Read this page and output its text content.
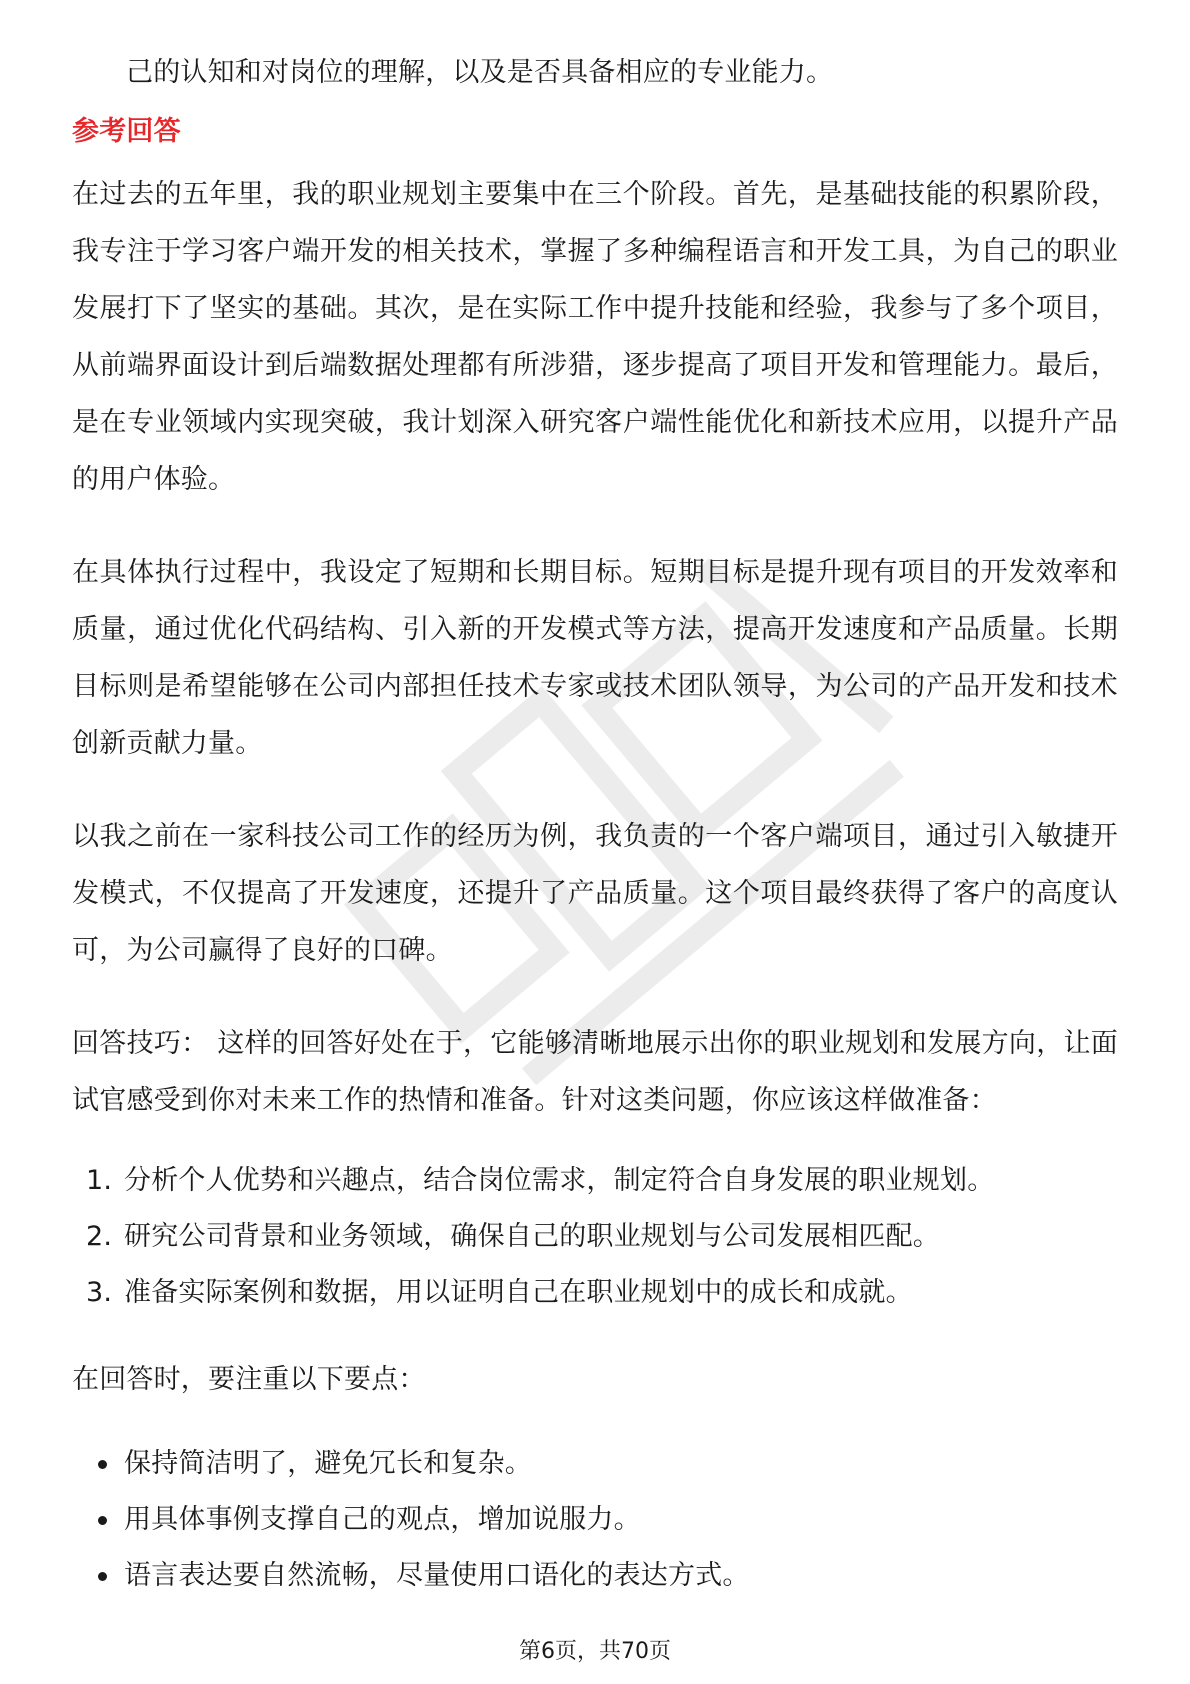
己的认知和对岗位的理解，以及是否具备相应的专业能力。

参考回答

在过去的五年里，我的职业规划主要集中在三个阶段。首先，是基础技能的积累阶段，我专注于学习客户端开发的相关技术，掌握了多种编程语言和开发工具，为自己的职业发展打下了坚实的基础。其次，是在实际工作中提升技能和经验，我参与了多个项目，从前端界面设计到后端数据处理都有所涉猎，逐步提高了项目开发和管理能力。最后，是在专业领域内实现突破，我计划深入研究客户端性能优化和新技术应用，以提升产品的用户体验。

在具体执行过程中，我设定了短期和长期目标。短期目标是提升现有项目的开发效率和质量，通过优化代码结构、引入新的开发模式等方法，提高开发速度和产品质量。长期目标则是希望能够在公司内部担任技术专家或技术团队领导，为公司的产品开发和技术创新贡献力量。

以我之前在一家科技公司工作的经历为例，我负责的一个客户端项目，通过引入敏捷开发模式，不仅提高了开发速度，还提升了产品质量。这个项目最终获得了客户的高度认可，为公司赢得了良好的口碑。

回答技巧： 这样的回答好处在于，它能够清晰地展示出你的职业规划和发展方向，让面试官感受到你对未来工作的热情和准备。针对这类问题，你应该这样做准备：

1. 分析个人优势和兴趣点，结合岗位需求，制定符合自身发展的职业规划。
2. 研究公司背景和业务领域，确保自己的职业规划与公司发展相匹配。
3. 准备实际案例和数据，用以证明自己在职业规划中的成长和成就。

在回答时，要注重以下要点：

保持简洁明了，避免冗长和复杂。
用具体事例支撑自己的观点，增加说服力。
语言表达要自然流畅，尽量使用口语化的表达方式。
第6页，共70页
